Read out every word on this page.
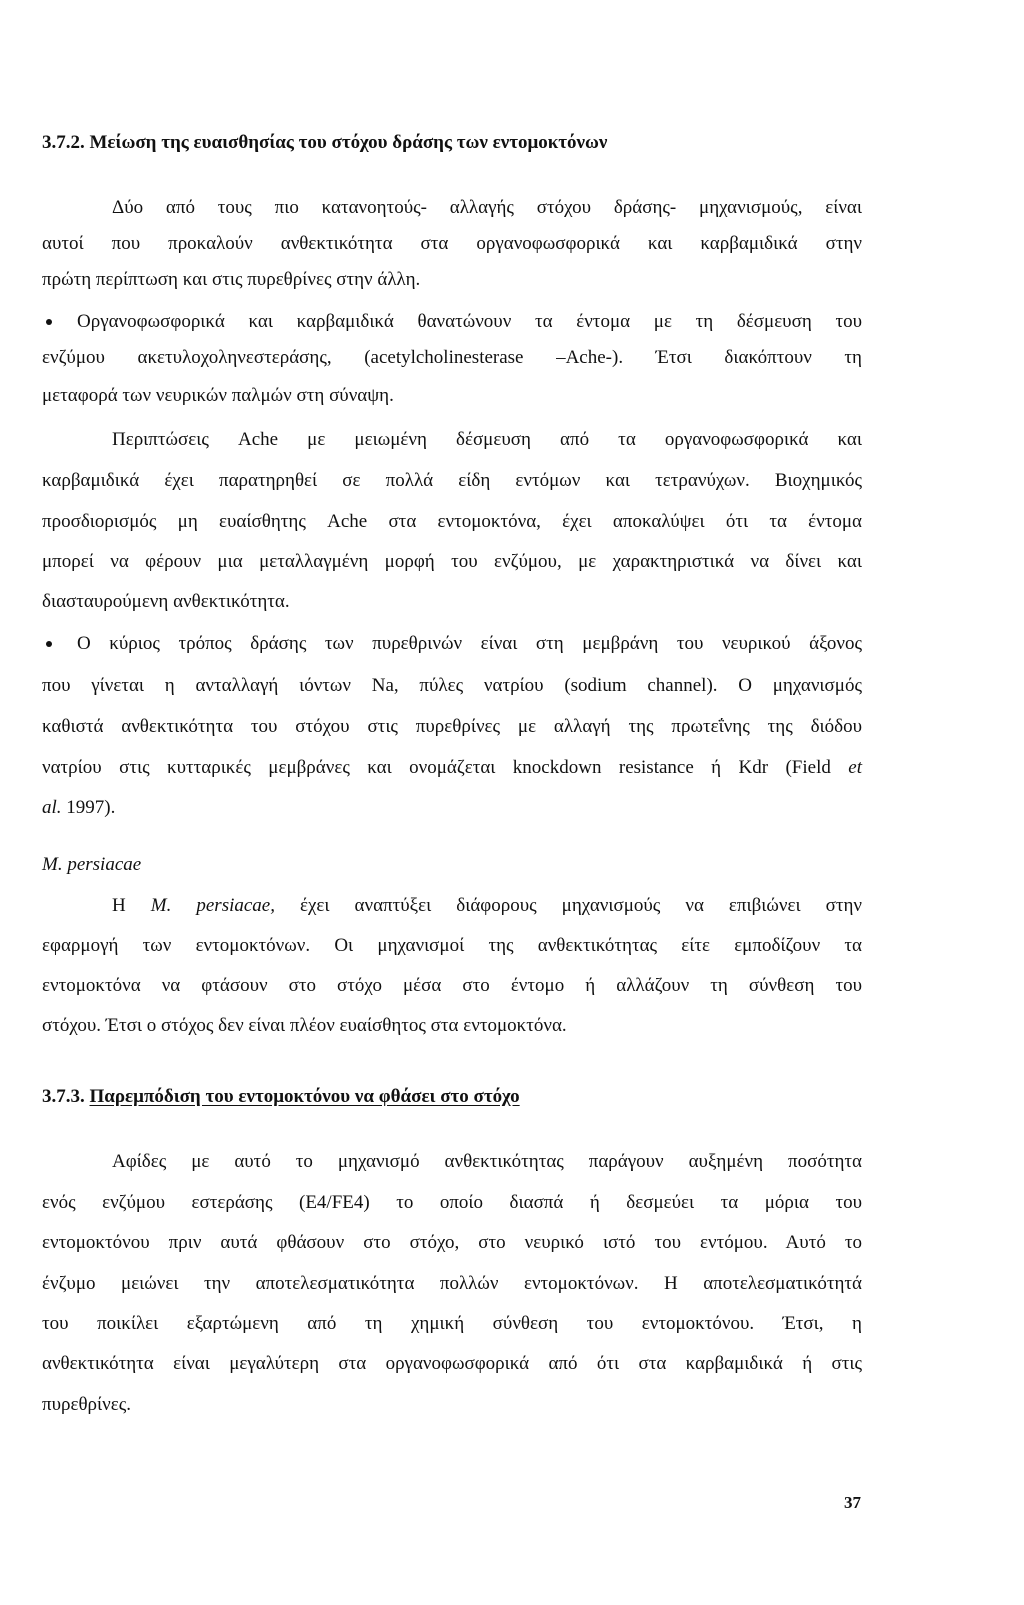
3.7.2. Μείωση της ευαισθησίας του στόχου δράσης των εντομοκτόνων
Δύο από τους πιο κατανοητούς- αλλαγής στόχου δράσης- μηχανισμούς, είναι
αυτοί που προκαλούν ανθεκτικότητα στα οργανοφωσφορικά και καρβαμιδικά στην
πρώτη περίπτωση και στις πυρεθρίνες στην άλλη.
Οργανοφωσφορικά και καρβαμιδικά θανατώνουν τα έντομα με τη δέσμευση του
ενζύμου ακετυλοχοληνεστεράσης, (acetylcholinesterase –Ache-). Έτσι διακόπτουν τη
μεταφορά των νευρικών παλμών στη σύναψη.
Περιπτώσεις Ache με μειωμένη δέσμευση από τα οργανοφωσφορικά και
καρβαμιδικά έχει παρατηρηθεί σε πολλά είδη εντόμων και τετρανύχων. Βιοχημικός
προσδιορισμός μη ευαίσθητης Ache στα εντομοκτόνα, έχει αποκαλύψει ότι τα έντομα
μπορεί να φέρουν μια μεταλλαγμένη μορφή του ενζύμου, με χαρακτηριστικά να δίνει και
διασταυρούμενη ανθεκτικότητα.
Ο κύριος τρόπος δράσης των πυρεθρινών είναι στη μεμβράνη του νευρικού άξονος
που γίνεται η ανταλλαγή ιόντων Na, πύλες νατρίου (sodium channel). Ο μηχανισμός
καθιστά ανθεκτικότητα του στόχου στις πυρεθρίνες με αλλαγή της πρωτεΐνης της διόδου
νατρίου στις κυτταρικές μεμβράνες και ονομάζεται knockdown resistance ή Kdr (Field et
al. 1997).
M. persiacae
Η M. persiacae, έχει αναπτύξει διάφορους μηχανισμούς να επιβιώνει στην
εφαρμογή των εντομοκτόνων. Οι μηχανισμοί της ανθεκτικότητας είτε εμποδίζουν τα
εντομοκτόνα να φτάσουν στο στόχο μέσα στο έντομο ή αλλάζουν τη σύνθεση του
στόχου. Έτσι ο στόχος δεν είναι πλέον ευαίσθητος στα εντομοκτόνα.
3.7.3. Παρεμπόδιση του εντομοκτόνου να φθάσει στο στόχο
Αφίδες με αυτό το μηχανισμό ανθεκτικότητας παράγουν αυξημένη ποσότητα
ενός ενζύμου εστεράσης (E4/FE4) το οποίο διασπά ή δεσμεύει τα μόρια του
εντομοκτόνου πριν αυτά φθάσουν στο στόχο, στο νευρικό ιστό του εντόμου. Αυτό το
ένζυμο μειώνει την αποτελεσματικότητα πολλών εντομοκτόνων. Η αποτελεσματικότητά
του ποικίλει εξαρτώμενη από τη χημική σύνθεση του εντομοκτόνου. Έτσι, η
ανθεκτικότητα είναι μεγαλύτερη στα οργανοφωσφορικά από ότι στα καρβαμιδικά ή στις
πυρεθρίνες.
37
